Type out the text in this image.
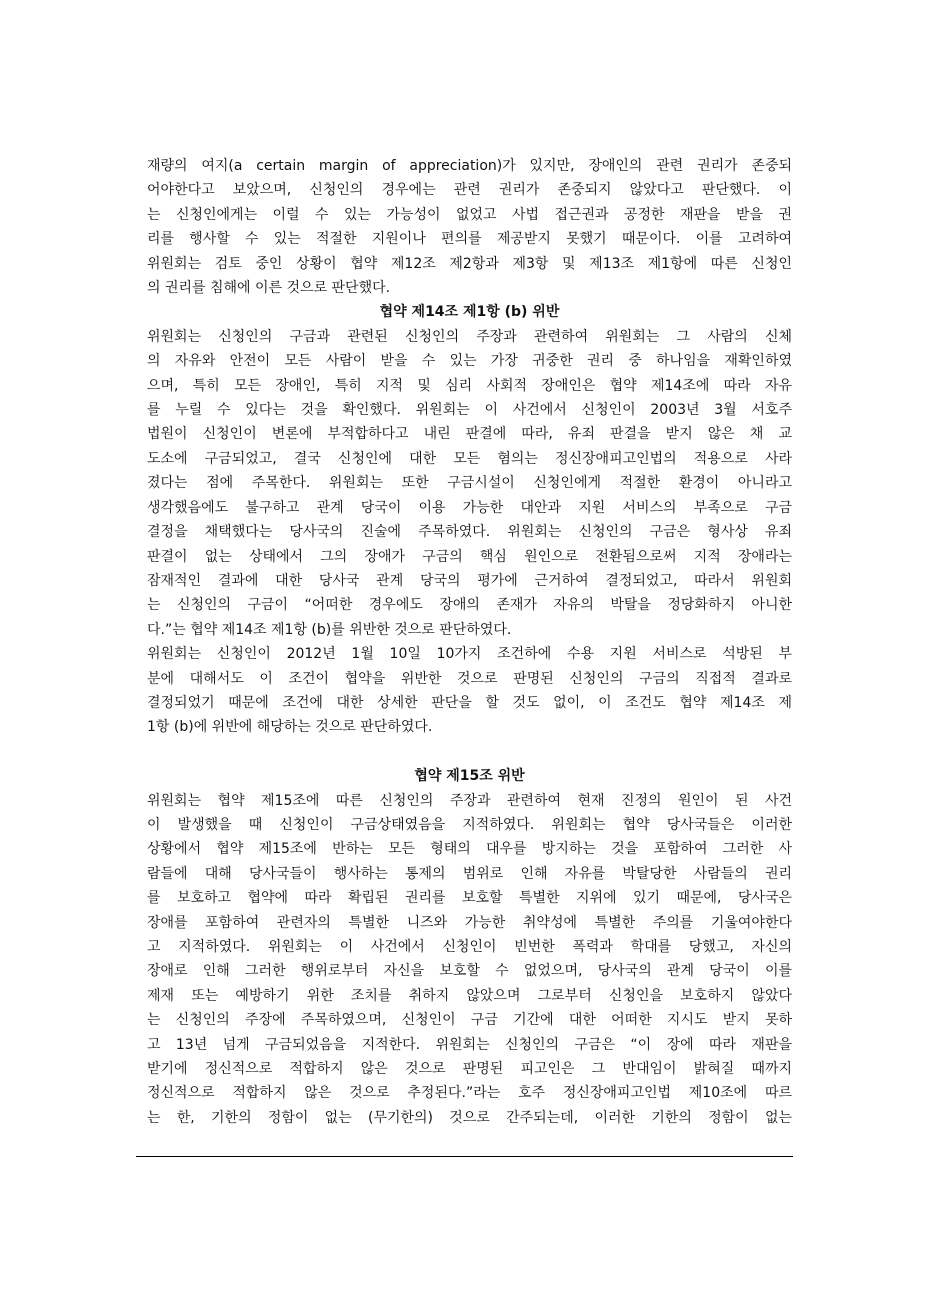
재량의 여지(a certain margin of appreciation)가 있지만, 장애인의 관련 권리가 존중되
어야한다고 보았으며, 신청인의 경우에는 관련 권리가 존중되지 않았다고 판단했다. 이
는 신청인에게는 이럴 수 있는 가능성이 없었고 사법 접근권과 공정한 재판을 받을 권
리를 행사할 수 있는 적절한 지원이나 편의를 제공받지 못했기 때문이다. 이를 고려하여
위원회는 검토 중인 상황이 협약 제12조 제2항과 제3항 및 제13조 제1항에 따른 신청인
의 권리를 침해에 이른 것으로 판단했다.
협약 제14조 제1항 (b) 위반
위원회는 신청인의 구금과 관련된 신청인의 주장과 관련하여 위원회는 그 사람의 신체
의 자유와 안전이 모든 사람이 받을 수 있는 가장 귀중한 권리 중 하나임을 재확인하였
으며, 특히 모든 장애인, 특히 지적 및 심리 사회적 장애인은 협약 제14조에 따라 자유
를 누릴 수 있다는 것을 확인했다. 위원회는 이 사건에서 신청인이 2003년 3월 서호주
법원이 신청인이 변론에 부적합하다고 내린 판결에 따라, 유죄 판결을 받지 않은 채 교
도소에 구금되었고, 결국 신청인에 대한 모든 혐의는 정신장애피고인법의 적용으로 사라
졌다는 점에 주목한다. 위원회는 또한 구금시설이 신청인에게 적절한 환경이 아니라고
생각했음에도 불구하고 관계 당국이 이용 가능한 대안과 지원 서비스의 부족으로 구금
결정을 채택했다는 당사국의 진술에 주목하였다. 위원회는 신청인의 구금은 형사상 유죄
판결이 없는 상태에서 그의 장애가 구금의 핵심 원인으로 전환됨으로써 지적 장애라는
잠재적인 결과에 대한 당사국 관계 당국의 평가에 근거하여 결정되었고, 따라서 위원회
는 신청인의 구금이 “어떠한 경우에도 장애의 존재가 자유의 박탈을 정당화하지 아니한
다.”는 협약 제14조 제1항 (b)를 위반한 것으로 판단하였다.
위원회는 신청인이 2012년 1월 10일 10가지 조건하에 수용 지원 서비스로 석방된 부
분에 대해서도 이 조건이 협약을 위반한 것으로 판명된 신청인의 구금의 직접적 결과로
결정되었기 때문에 조건에 대한 상세한 판단을 할 것도 없이, 이 조건도 협약 제14조 제
1항 (b)에 위반에 해당하는 것으로 판단하였다.
협약 제15조 위반
위원회는 협약 제15조에 따른 신청인의 주장과 관련하여 현재 진정의 원인이 된 사건
이 발생했을 때 신청인이 구금상태였음을 지적하였다. 위원회는 협약 당사국들은 이러한
상황에서 협약 제15조에 반하는 모든 형태의 대우를 방지하는 것을 포함하여 그러한 사
람들에 대해 당사국들이 행사하는 통제의 범위로 인해 자유를 박탈당한 사람들의 권리
를 보호하고 협약에 따라 확립된 권리를 보호할 특별한 지위에 있기 때문에, 당사국은
장애를 포함하여 관련자의 특별한 니즈와 가능한 취약성에 특별한 주의를 기울여야한다
고 지적하였다. 위원회는 이 사건에서 신청인이 빈번한 폭력과 학대를 당했고, 자신의
장애로 인해 그러한 행위로부터 자신을 보호할 수 없었으며, 당사국의 관계 당국이 이를
제재 또는 예방하기 위한 조치를 취하지 않았으며 그로부터 신청인을 보호하지 않았다
는 신청인의 주장에 주목하였으며, 신청인이 구금 기간에 대한 어떠한 지시도 받지 못하
고 13년 넘게 구금되었음을 지적한다. 위원회는 신청인의 구금은 “이 장에 따라 재판을
받기에 정신적으로 적합하지 않은 것으로 판명된 피고인은 그 반대임이 밝혀질 때까지
정신적으로 적합하지 않은 것으로 추정된다.”라는 호주 정신장애피고인법 제10조에 따르
는 한, 기한의 정함이 없는 (무기한의) 것으로 간주되는데, 이러한 기한의 정함이 없는
